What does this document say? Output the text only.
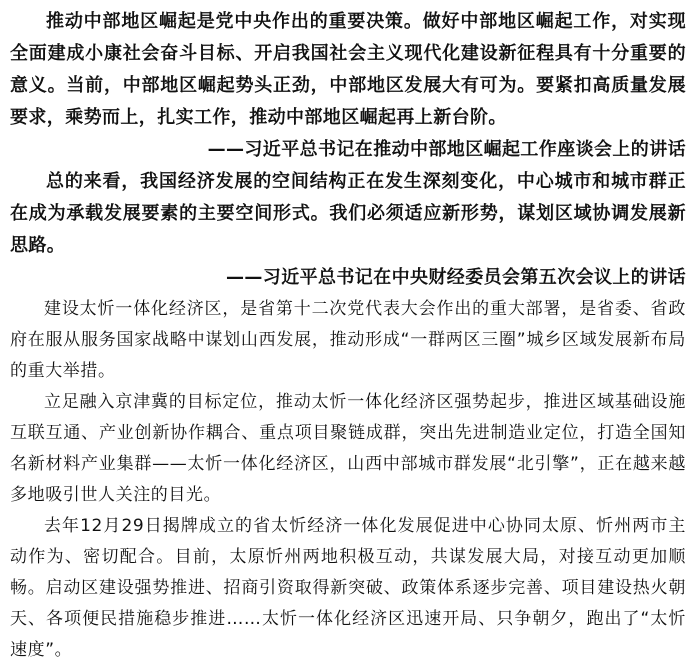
推动中部地区崛起是党中央作出的重要决策。做好中部地区崛起工作，对实现全面建成小康社会奋斗目标、开启我国社会主义现代化建设新征程具有十分重要的意义。当前，中部地区崛起势头正劲，中部地区发展大有可为。要紧扣高质量发展要求，乘势而上，扎实工作，推动中部地区崛起再上新台阶。

——习近平总书记在推动中部地区崛起工作座谈会上的讲话

总的来看，我国经济发展的空间结构正在发生深刻变化，中心城市和城市群正在成为承载发展要素的主要空间形式。我们必须适应新形势，谋划区域协调发展新思路。

——习近平总书记在中央财经委员会第五次会议上的讲话

建设太忻一体化经济区，是省第十二次党代表大会作出的重大部署，是省委、省政府在服从服务国家战略中谋划山西发展，推动形成“一群两区三圈”城乡区域发展新布局的重大举措。

立足融入京津冀的目标定位，推动太忻一体化经济区强势起步，推进区域基础设施互联互通、产业创新协作耦合、重点项目聚链成群，突出先进制造业定位，打造全国知名新材料产业集群——太忻一体化经济区，山西中部城市群发展“北引擎”，正在越来越多地吸引世人关注的目光。

去年12月29日揭牌成立的省太忻经济一体化发展促进中心协同太原、忻州两市主动作为、密切配合。目前，太原忻州两地积极互动，共谋发展大局，对接互动更加顺畅。启动区建设强势推进、招商引资取得新突破、政策体系逐步完善、项目建设热火朝天、各项便民措施稳步推进……太忻一体化经济区迅速开局、只争朝夕，跑出了“太忻速度”。
